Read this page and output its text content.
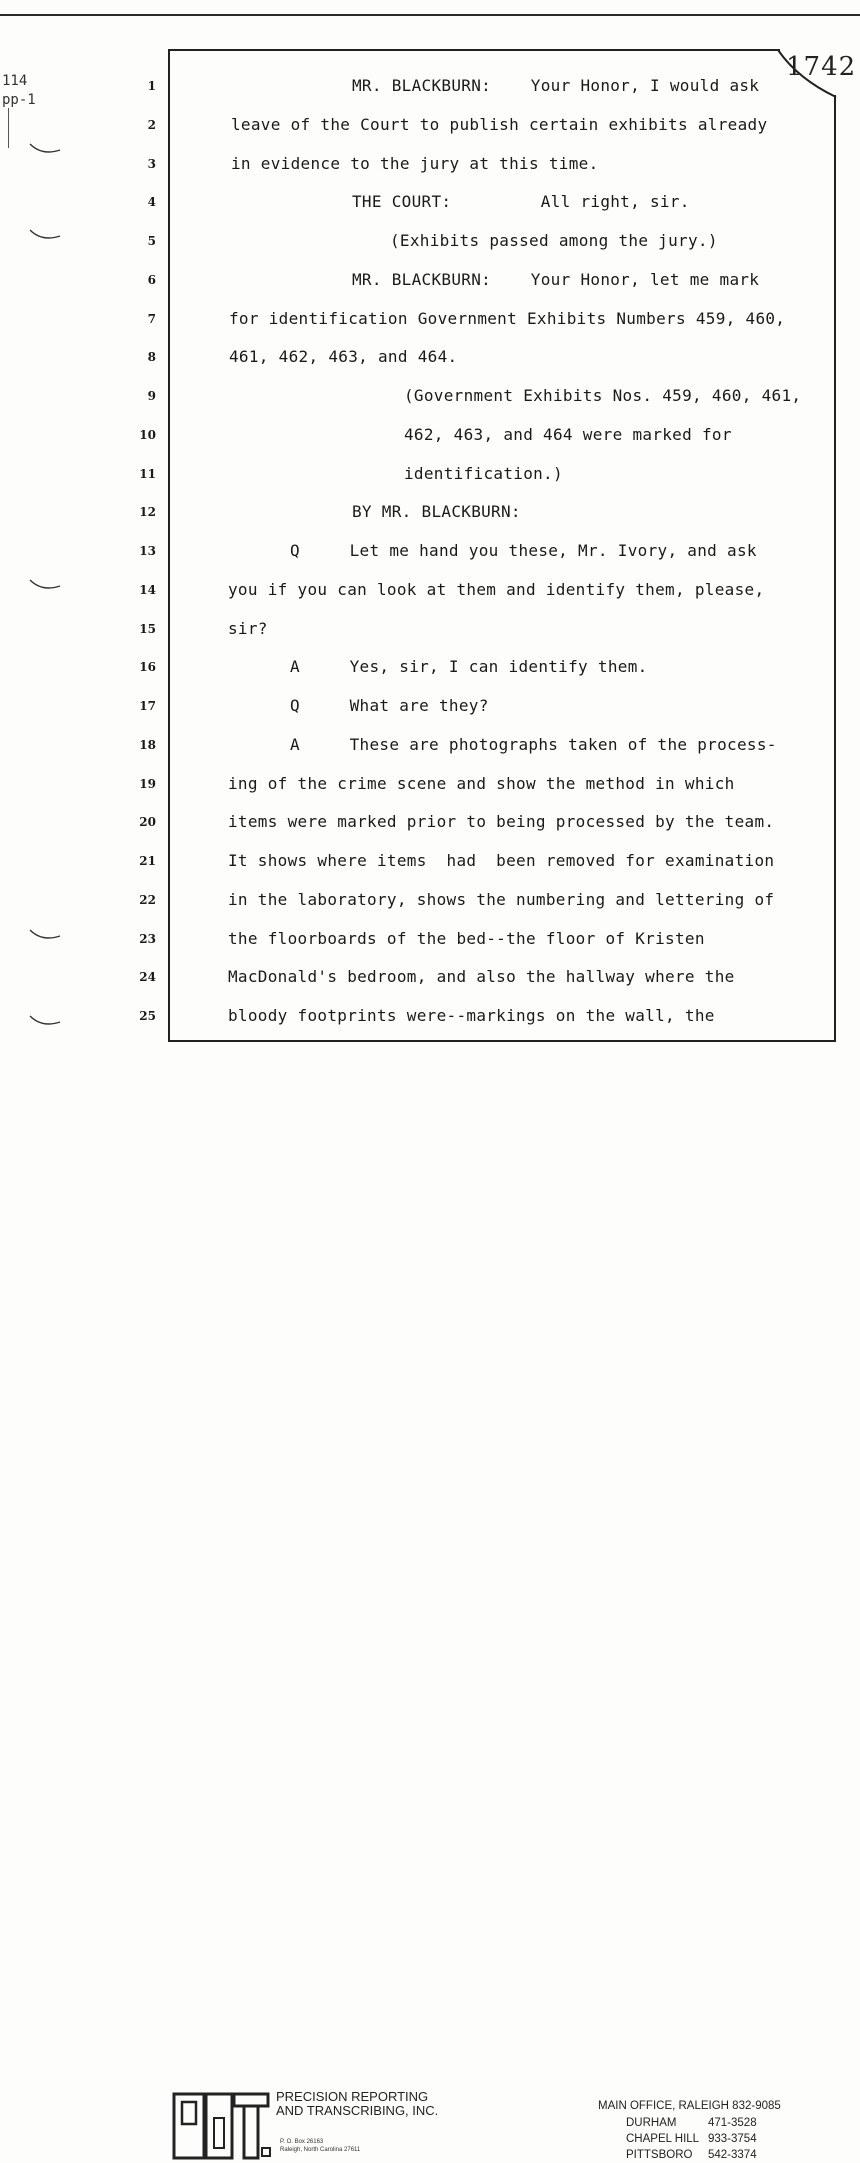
114
pp-1
1742
1	MR. BLACKBURN:    Your Honor, I would ask
2	leave of the Court to publish certain exhibits already
3	in evidence to the jury at this time.
4	THE COURT:         All right, sir.
5	(Exhibits passed among the jury.)
6	MR. BLACKBURN:    Your Honor, let me mark
7	for identification Government Exhibits Numbers 459, 460,
8	461, 462, 463, and 464.
9	(Government Exhibits Nos. 459, 460, 461,
10	462, 463, and 464 were marked for
11	identification.)
12	BY MR. BLACKBURN:
13	Q     Let me hand you these, Mr. Ivory, and ask
14	you if you can look at them and identify them, please,
15	sir?
16	A     Yes, sir, I can identify them.
17	Q     What are they?
18	A     These are photographs taken of the process-
19	ing of the crime scene and show the method in which
20	items were marked prior to being processed by the team.
21	It shows where items  had  been removed for examination
22	in the laboratory, shows the numbering and lettering of
23	the floorboards of the bed--the floor of Kristen
24	MacDonald's bedroom, and also the hallway where the
25	bloody footprints were--markings on the wall, the
PRECISION REPORTING
AND TRANSCRIBING, INC.
P. O. Box 26163
Raleigh, North Carolina 27611
MAIN OFFICE, RALEIGH 832-9085
DURHAM	471-3528
CHAPEL HILL 933-3754
PITTSBORO	542-3374
